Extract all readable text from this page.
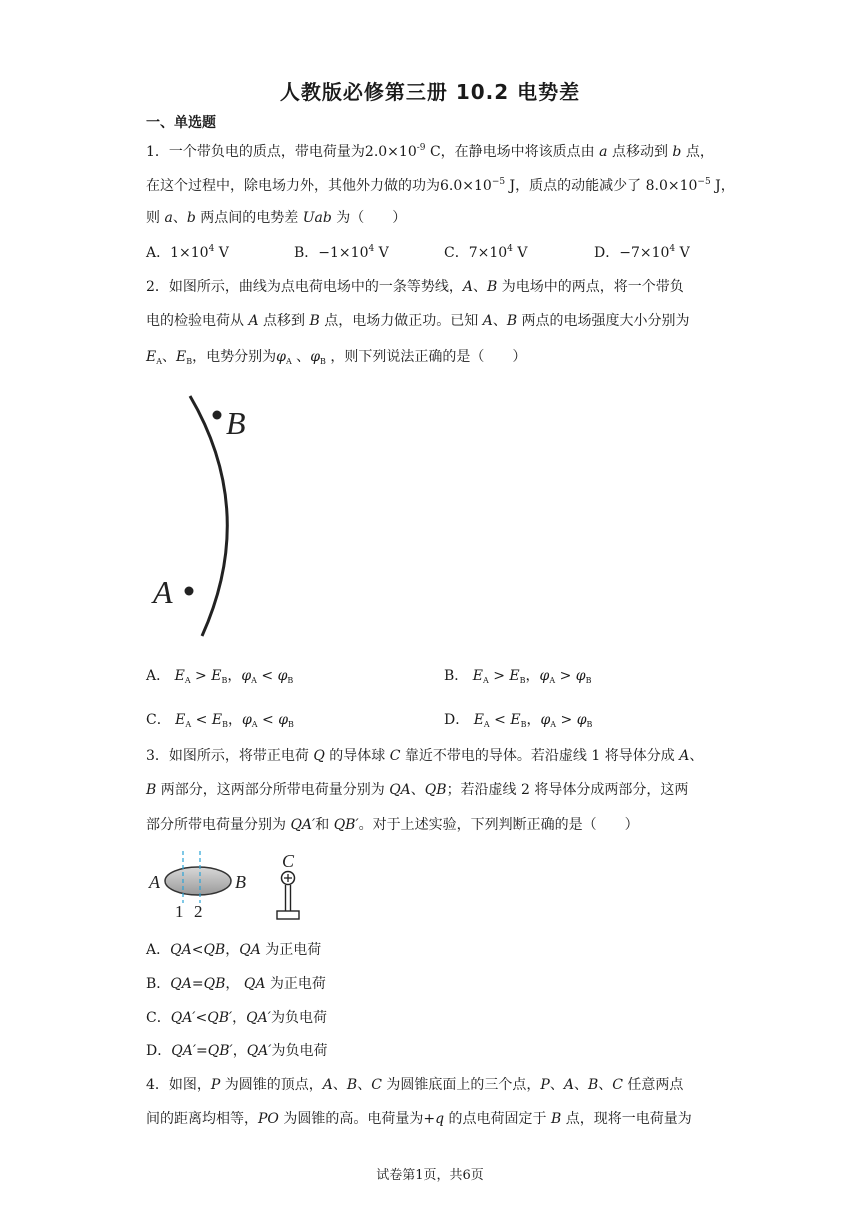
人教版必修第三册 10.2 电势差
一、单选题
1．一个带负电的质点，带电荷量为$2.0\times 10^{-9}$ C，在静电场中将该质点由 a 点移动到 b 点，
在这个过程中，除电场力外，其他外力做的功为$6.0\times 10^{-5}$ J，质点的动能减少了 $8.0\times 10^{-5}$ J，
则 a、b 两点间的电势差 Uab 为（　　）
A．$1\times 10^4$ V	B．$-1\times 10^4$ V	C．$7\times 10^4$ V	D．$-7\times 10^4$ V
2．如图所示，曲线为点电荷电场中的一条等势线，A、B 为电场中的两点，将一个带负
电的检验电荷从 A 点移到 B 点，电场力做正功。已知 A、B 两点的电场强度大小分别为
$E_A$、$E_B$，电势分别为$\varphi_A$ 、$\varphi_B$ ，则下列说法正确的是（　　）
B
A
A． $E_A > E_B$，$\varphi_A < \varphi_B$	B． $E_A > E_B$，$\varphi_A > \varphi_B$
C． $E_A < E_B$，$\varphi_A < \varphi_B$	D． $E_A < E_B$，$\varphi_A > \varphi_B$
3．如图所示，将带正电荷 Q 的导体球 C 靠近不带电的导体。若沿虚线 1 将导体分成 A、
B 两部分，这两部分所带电荷量分别为 QA、QB；若沿虚线 2 将导体分成两部分，这两
部分所带电荷量分别为 QA′和 QB′。对于上述实验，下列判断正确的是（　　）
A	B
1 2
C
A．QA<QB，QA 为正电荷
B．QA=QB， QA 为正电荷
C．QA′<QB′，QA′为负电荷
D．QA′=QB′，QA′为负电荷
4．如图，P 为圆锥的顶点，A、B、C 为圆锥底面上的三个点，P、A、B、C 任意两点
间的距离均相等，PO 为圆锥的高。电荷量为+q 的点电荷固定于 B 点，现将一电荷量为
试卷第1页，共6页
